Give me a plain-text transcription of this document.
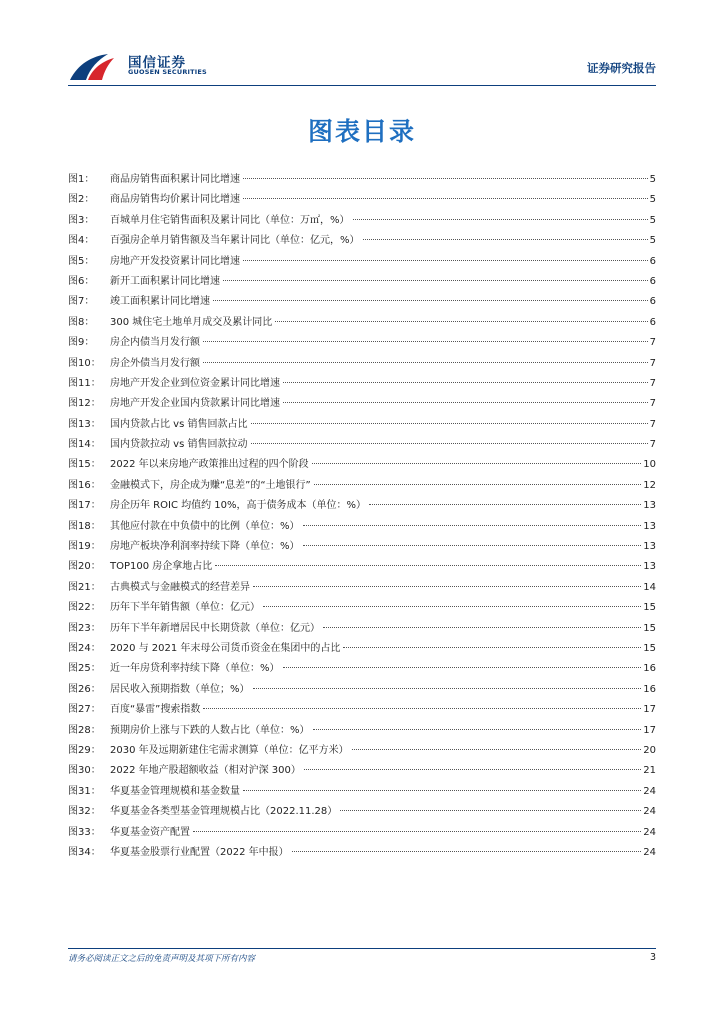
国信证券
GUOSEN SECURITIES	证券研究报告
图表目录
图1：	商品房销售面积累计同比增速	5
图2：	商品房销售均价累计同比增速	5
图3：	百城单月住宅销售面积及累计同比（单位：万㎡，%）	5
图4：	百强房企单月销售额及当年累计同比（单位：亿元，%）	5
图5：	房地产开发投资累计同比增速	6
图6：	新开工面积累计同比增速	6
图7：	竣工面积累计同比增速	6
图8：	300 城住宅土地单月成交及累计同比	6
图9：	房企内债当月发行额	7
图10： 房企外债当月发行额	7
图11： 房地产开发企业到位资金累计同比增速	7
图12： 房地产开发企业国内贷款累计同比增速	7
图13： 国内贷款占比 vs 销售回款占比	7
图14： 国内贷款拉动 vs 销售回款拉动	7
图15： 2022 年以来房地产政策推出过程的四个阶段	10
图16： 金融模式下，房企成为赚“息差”的“土地银行”	12
图17： 房企历年 ROIC 均值约 10%，高于债务成本（单位：%）	13
图18： 其他应付款在中负债中的比例（单位：%）	13
图19： 房地产板块净利润率持续下降（单位：%）	13
图20： TOP100 房企拿地占比	13
图21： 古典模式与金融模式的经营差异	14
图22： 历年下半年销售额（单位：亿元）	15
图23： 历年下半年新增居民中长期贷款（单位：亿元）	15
图24： 2020 与 2021 年末母公司货币资金在集团中的占比	15
图25： 近一年房贷利率持续下降（单位：%）	16
图26： 居民收入预期指数（单位；%）	16
图27： 百度“暴雷”搜索指数	17
图28： 预期房价上涨与下跌的人数占比（单位：%）	17
图29： 2030 年及远期新建住宅需求测算（单位：亿平方米）	20
图30： 2022 年地产股超额收益（相对沪深 300）	21
图31： 华夏基金管理规模和基金数量	24
图32： 华夏基金各类型基金管理规模占比（2022.11.28）	24
图33： 华夏基金资产配置	24
图34： 华夏基金股票行业配置（2022 年中报）	24
请务必阅读正文之后的免责声明及其项下所有内容	3
